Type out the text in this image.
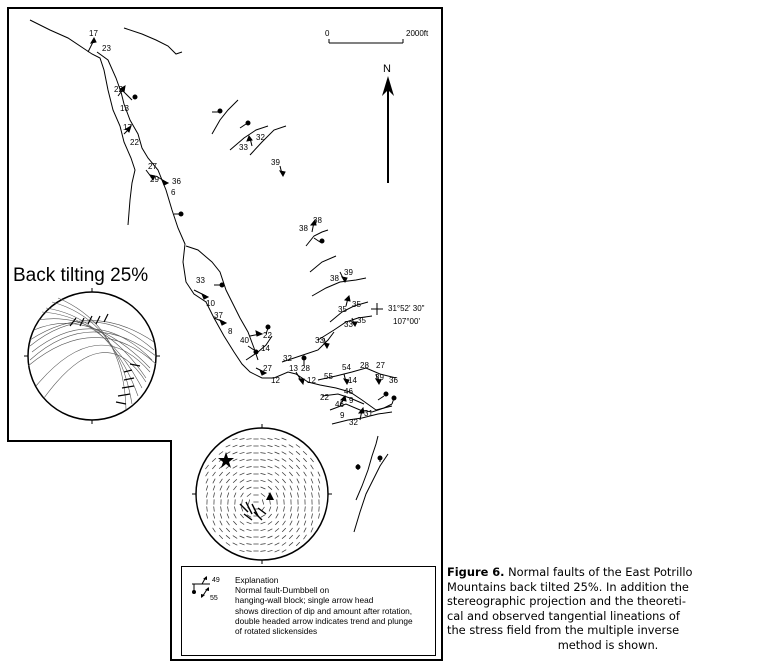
0	2000ft
N
Back tilting 25%
31°52' 30"
107°00'
17
23
22
13
17
22
27
29 36
6
33
10
37
8	22
40
14
27
12
32
13 28
12 55
22
46
9
32
31
33
38
38
39
38
35
35
35
33
28 27
39 36
54
14
46
9
32
33
39
49
55
Explanation
Normal fault-Dumbbell on
hanging-wall block; single arrow head
shows direction of dip and amount after rotation,
double headed arrow indicates trend and plunge
of rotated slickensides
Figure 6. Normal faults of the East Potrillo
Mountains back tilted 25%. In addition the
stereographic projection and the theoreti-
cal and observed tangential lineations of
the stress field from the multiple inverse
method is shown.
